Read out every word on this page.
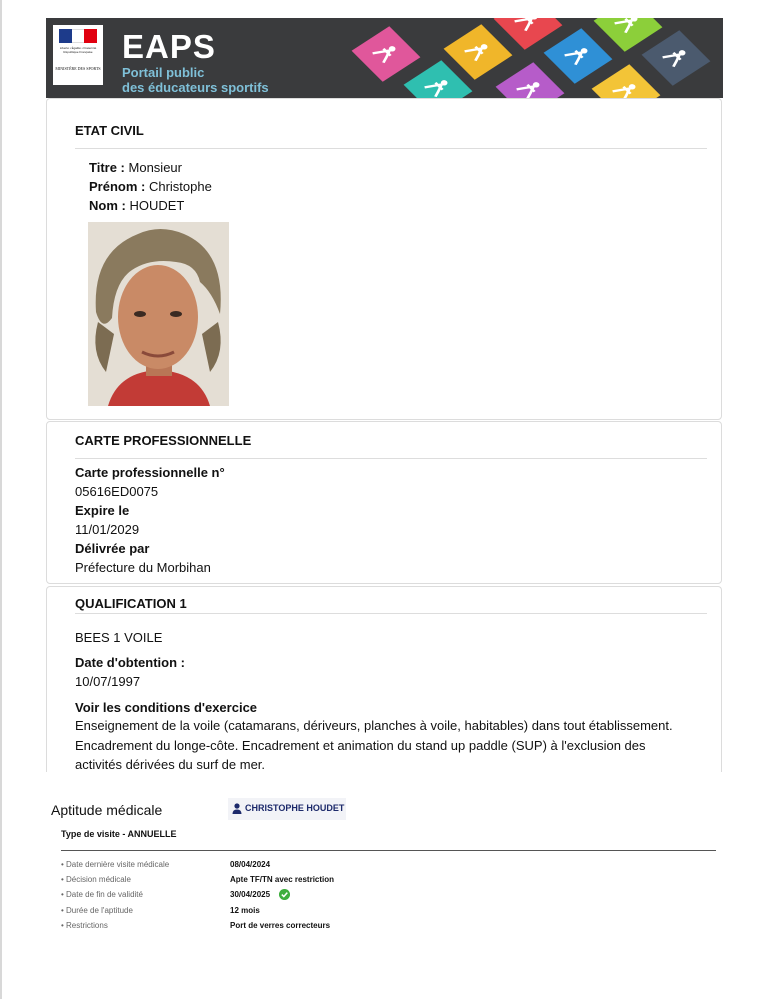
Liberté • Égalité • Fraternité République Française
MINISTÈRE DES SPORTS
EAPS
Portail public
des éducateurs sportifs
ETAT CIVIL
Titre : Monsieur
Prénom : Christophe
Nom : HOUDET
CARTE PROFESSIONNELLE
Carte professionnelle n°
05616ED0075
Expire le
11/01/2029
Délivrée par
Préfecture du Morbihan
QUALIFICATION 1
BEES 1 VOILE
Date d'obtention :
10/07/1997
Voir les conditions d'exercice
Enseignement de la voile (catamarans, dériveurs, planches à voile, habitables) dans tout établissement.
Encadrement du longe-côte. Encadrement et animation du stand up paddle (SUP) à l'exclusion des
activités dérivées du surf de mer.
Aptitude médicale	CHRISTOPHE HOUDET
Type de visite - ANNUELLE
• Date dernière visite médicale	08/04/2024
• Décision médicale	Apte TF/TN avec restriction
• Date de fin de validité	30/04/2025
• Durée de l'aptitude	12 mois
• Restrictions	Port de verres correcteurs
